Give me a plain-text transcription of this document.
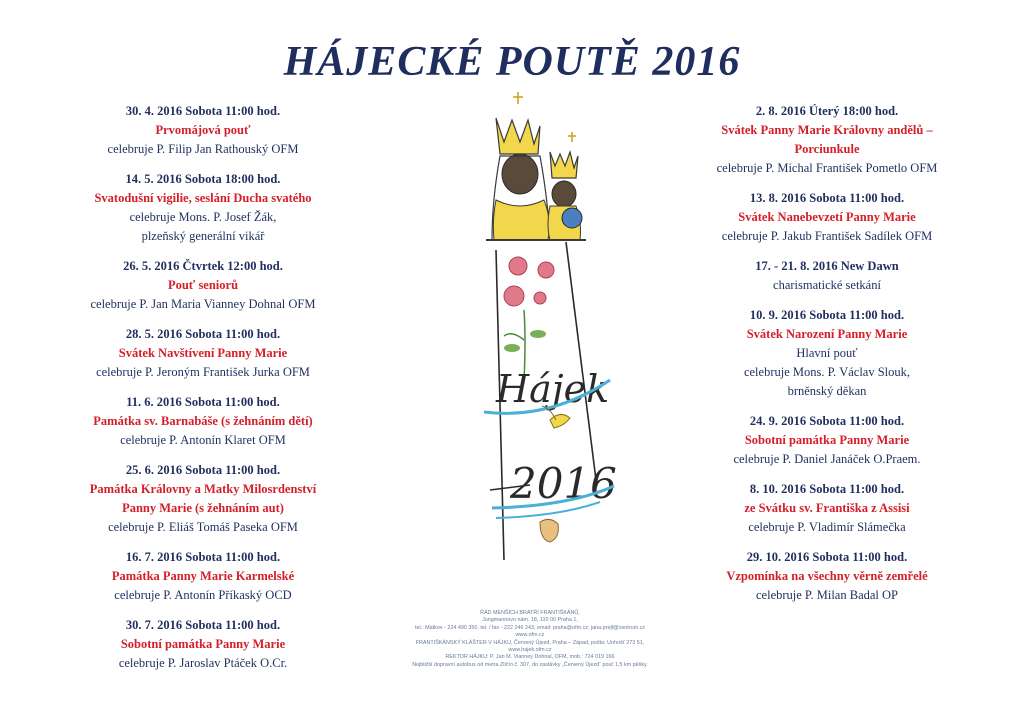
HÁJECKÉ POUTĚ 2016
30. 4. 2016 Sobota 11:00 hod.
Prvomájová pouť
celebruje P. Filip Jan Rathouský OFM
14. 5. 2016 Sobota 18:00 hod.
Svatodušní vigilie, seslání Ducha svatého
celebruje Mons. P. Josef Žák,
plzeňský generální vikář
26. 5. 2016 Čtvrtek 12:00 hod.
Pouť seniorů
celebruje P. Jan Maria Vianney Dohnal OFM
28. 5. 2016 Sobota 11:00 hod.
Svátek Navštívení Panny Marie
celebruje P. Jeroným František Jurka OFM
11. 6. 2016 Sobota 11:00 hod.
Památka sv. Barnabáše (s žehnáním dětí)
celebruje P. Antonín Klaret OFM
25. 6. 2016 Sobota 11:00 hod.
Památka Královny a Matky Milosrdenství
Panny Marie (s žehnáním aut)
celebruje P. Eliáš Tomáš Paseka OFM
16. 7. 2016 Sobota 11:00 hod.
Památka Panny Marie Karmelské
celebruje P. Antonín Příkaský OCD
30. 7. 2016 Sobota 11:00 hod.
Sobotní památka Panny Marie
celebruje P. Jaroslav Ptáček O.Cr.
2. 8. 2016 Úterý 18:00 hod.
Svátek Panny Marie Královny andělů –
Porciunkule
celebruje P. Michal František Pometlo OFM
13. 8. 2016 Sobota 11:00 hod.
Svátek Nanebevzetí Panny Marie
celebruje P. Jakub František Sadílek OFM
17. - 21. 8. 2016 New Dawn
charismatické setkání
10. 9. 2016 Sobota 11:00 hod.
Svátek Narození Panny Marie
Hlavní pouť
celebruje Mons. P. Václav Slouk,
brněnský děkan
24. 9. 2016 Sobota 11:00 hod.
Sobotní památka Panny Marie
celebruje P. Daniel Janáček O.Praem.
8. 10. 2016 Sobota 11:00 hod.
ze Svátku sv. Františka z Assisi
celebruje P. Vladimír Slámečka
29. 10. 2016 Sobota 11:00 hod.
Vzpomínka na všechny věrně zemřelé
celebruje P. Milan Badal OP
Hájek
2016
ŘÁD MENŠÍCH BRATŘÍ FRANTIŠKÁNŮ,
Jungmannovo nám. 18, 110 00 Praha 1,
tel.: Matkov - 224 490 350, tel. / fax - 222 246 243, email: praha@ofm.cz; jana.prejf@centrum.cz
www.ofm.cz
FRANTIŠKÁNSKÝ KLÁŠTER V HÁJKU, Červený Újezd, Praha – Západ, pošta: Unhošť 273 51,
www.hajek.ofm.cz
REKTOR HÁJKU: P. Jan M. Vianney Dohnal, OFM, mob.: 724 019 166
Nejbližší dopravní autobus od metra Zličín č. 307, do zastávky „Červený Újezd“ pouť 1,5 km pěšky.
